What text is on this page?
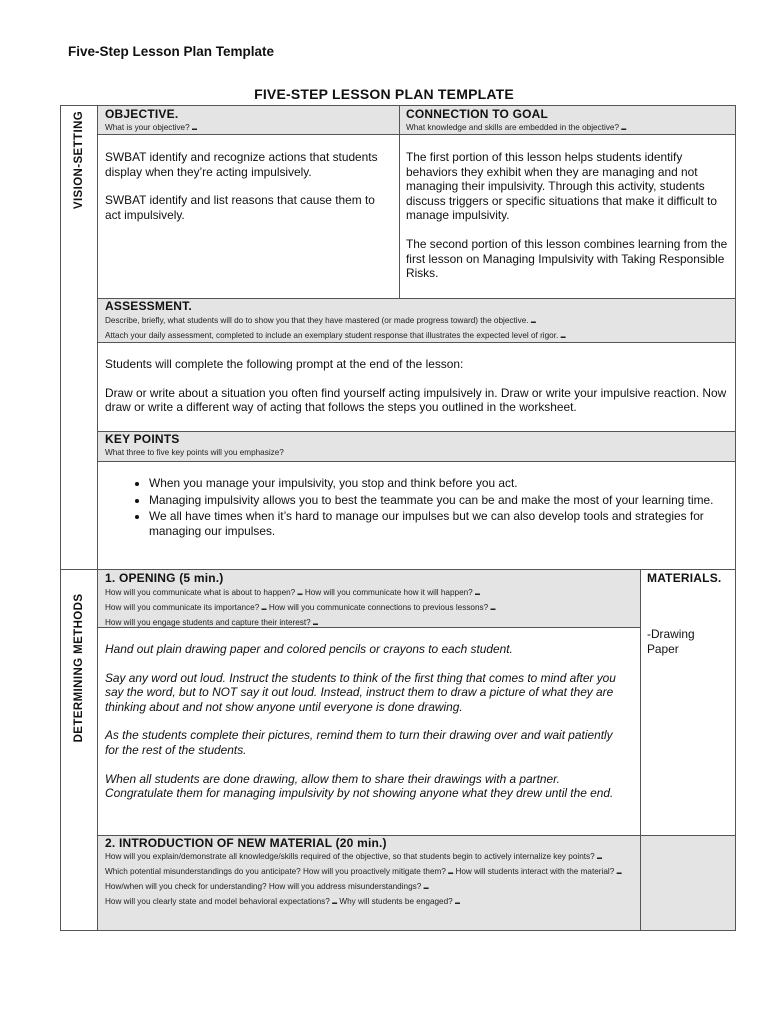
Five-Step Lesson Plan Template
FIVE-STEP LESSON PLAN TEMPLATE
VISION-SETTING
DETERMINING METHODS
OBJECTIVE.
What is your objective? ▬

SWBAT identify and recognize actions that students display when they’re acting impulsively.

SWBAT identify and list reasons that cause them to act impulsively.

CONNECTION TO GOAL
What knowledge and skills are embedded in the objective? ▬

The first portion of this lesson helps students identify behaviors they exhibit when they are managing and not managing their impulsivity. Through this activity, students discuss triggers or specific situations that make it difficult to manage impulsivity.

The second portion of this lesson combines learning from the first lesson on Managing Impulsivity with Taking Responsible Risks.

ASSESSMENT.
Describe, briefly, what students will do to show you that they have mastered (or made progress toward) the objective. ▬
Attach your daily assessment, completed to include an exemplary student response that illustrates the expected level of rigor. ▬

Students will complete the following prompt at the end of the lesson:

Draw or write about a situation you often find yourself acting impulsively in. Draw or write your impulsive reaction. Now draw or write a different way of acting that follows the steps you outlined in the worksheet.

KEY POINTS
What three to five key points will you emphasize?
• When you manage your impulsivity, you stop and think before you act.
• Managing impulsivity allows you to best the teammate you can be and make the most of your learning time.
• We all have times when it’s hard to manage our impulses but we can also develop tools and strategies for managing our impulses.
1. OPENING (5 min.)
How will you communicate what is about to happen? ▬ How will you communicate how it will happen? ▬
How will you communicate its importance? ▬ How will you communicate connections to previous lessons? ▬
How will you engage students and capture their interest? ▬

Hand out plain drawing paper and colored pencils or crayons to each student.

Say any word out loud. Instruct the students to think of the first thing that comes to mind after you say the word, but to NOT say it out loud. Instead, instruct them to draw a picture of what they are thinking about and not show anyone until everyone is done drawing.

As the students complete their pictures, remind them to turn their drawing over and wait patiently for the rest of the students.

When all students are done drawing, allow them to share their drawings with a partner. Congratulate them for managing impulsivity by not showing anyone what they drew until the end.

MATERIALS.
-Drawing Paper
2. INTRODUCTION OF NEW MATERIAL (20 min.)
How will you explain/demonstrate all knowledge/skills required of the objective, so that students begin to actively internalize key points? ▬
Which potential misunderstandings do you anticipate? How will you proactively mitigate them? ▬ How will students interact with the material? ▬
How/when will you check for understanding? How will you address misunderstandings? ▬
How will you clearly state and model behavioral expectations? ▬ Why will students be engaged? ▬
